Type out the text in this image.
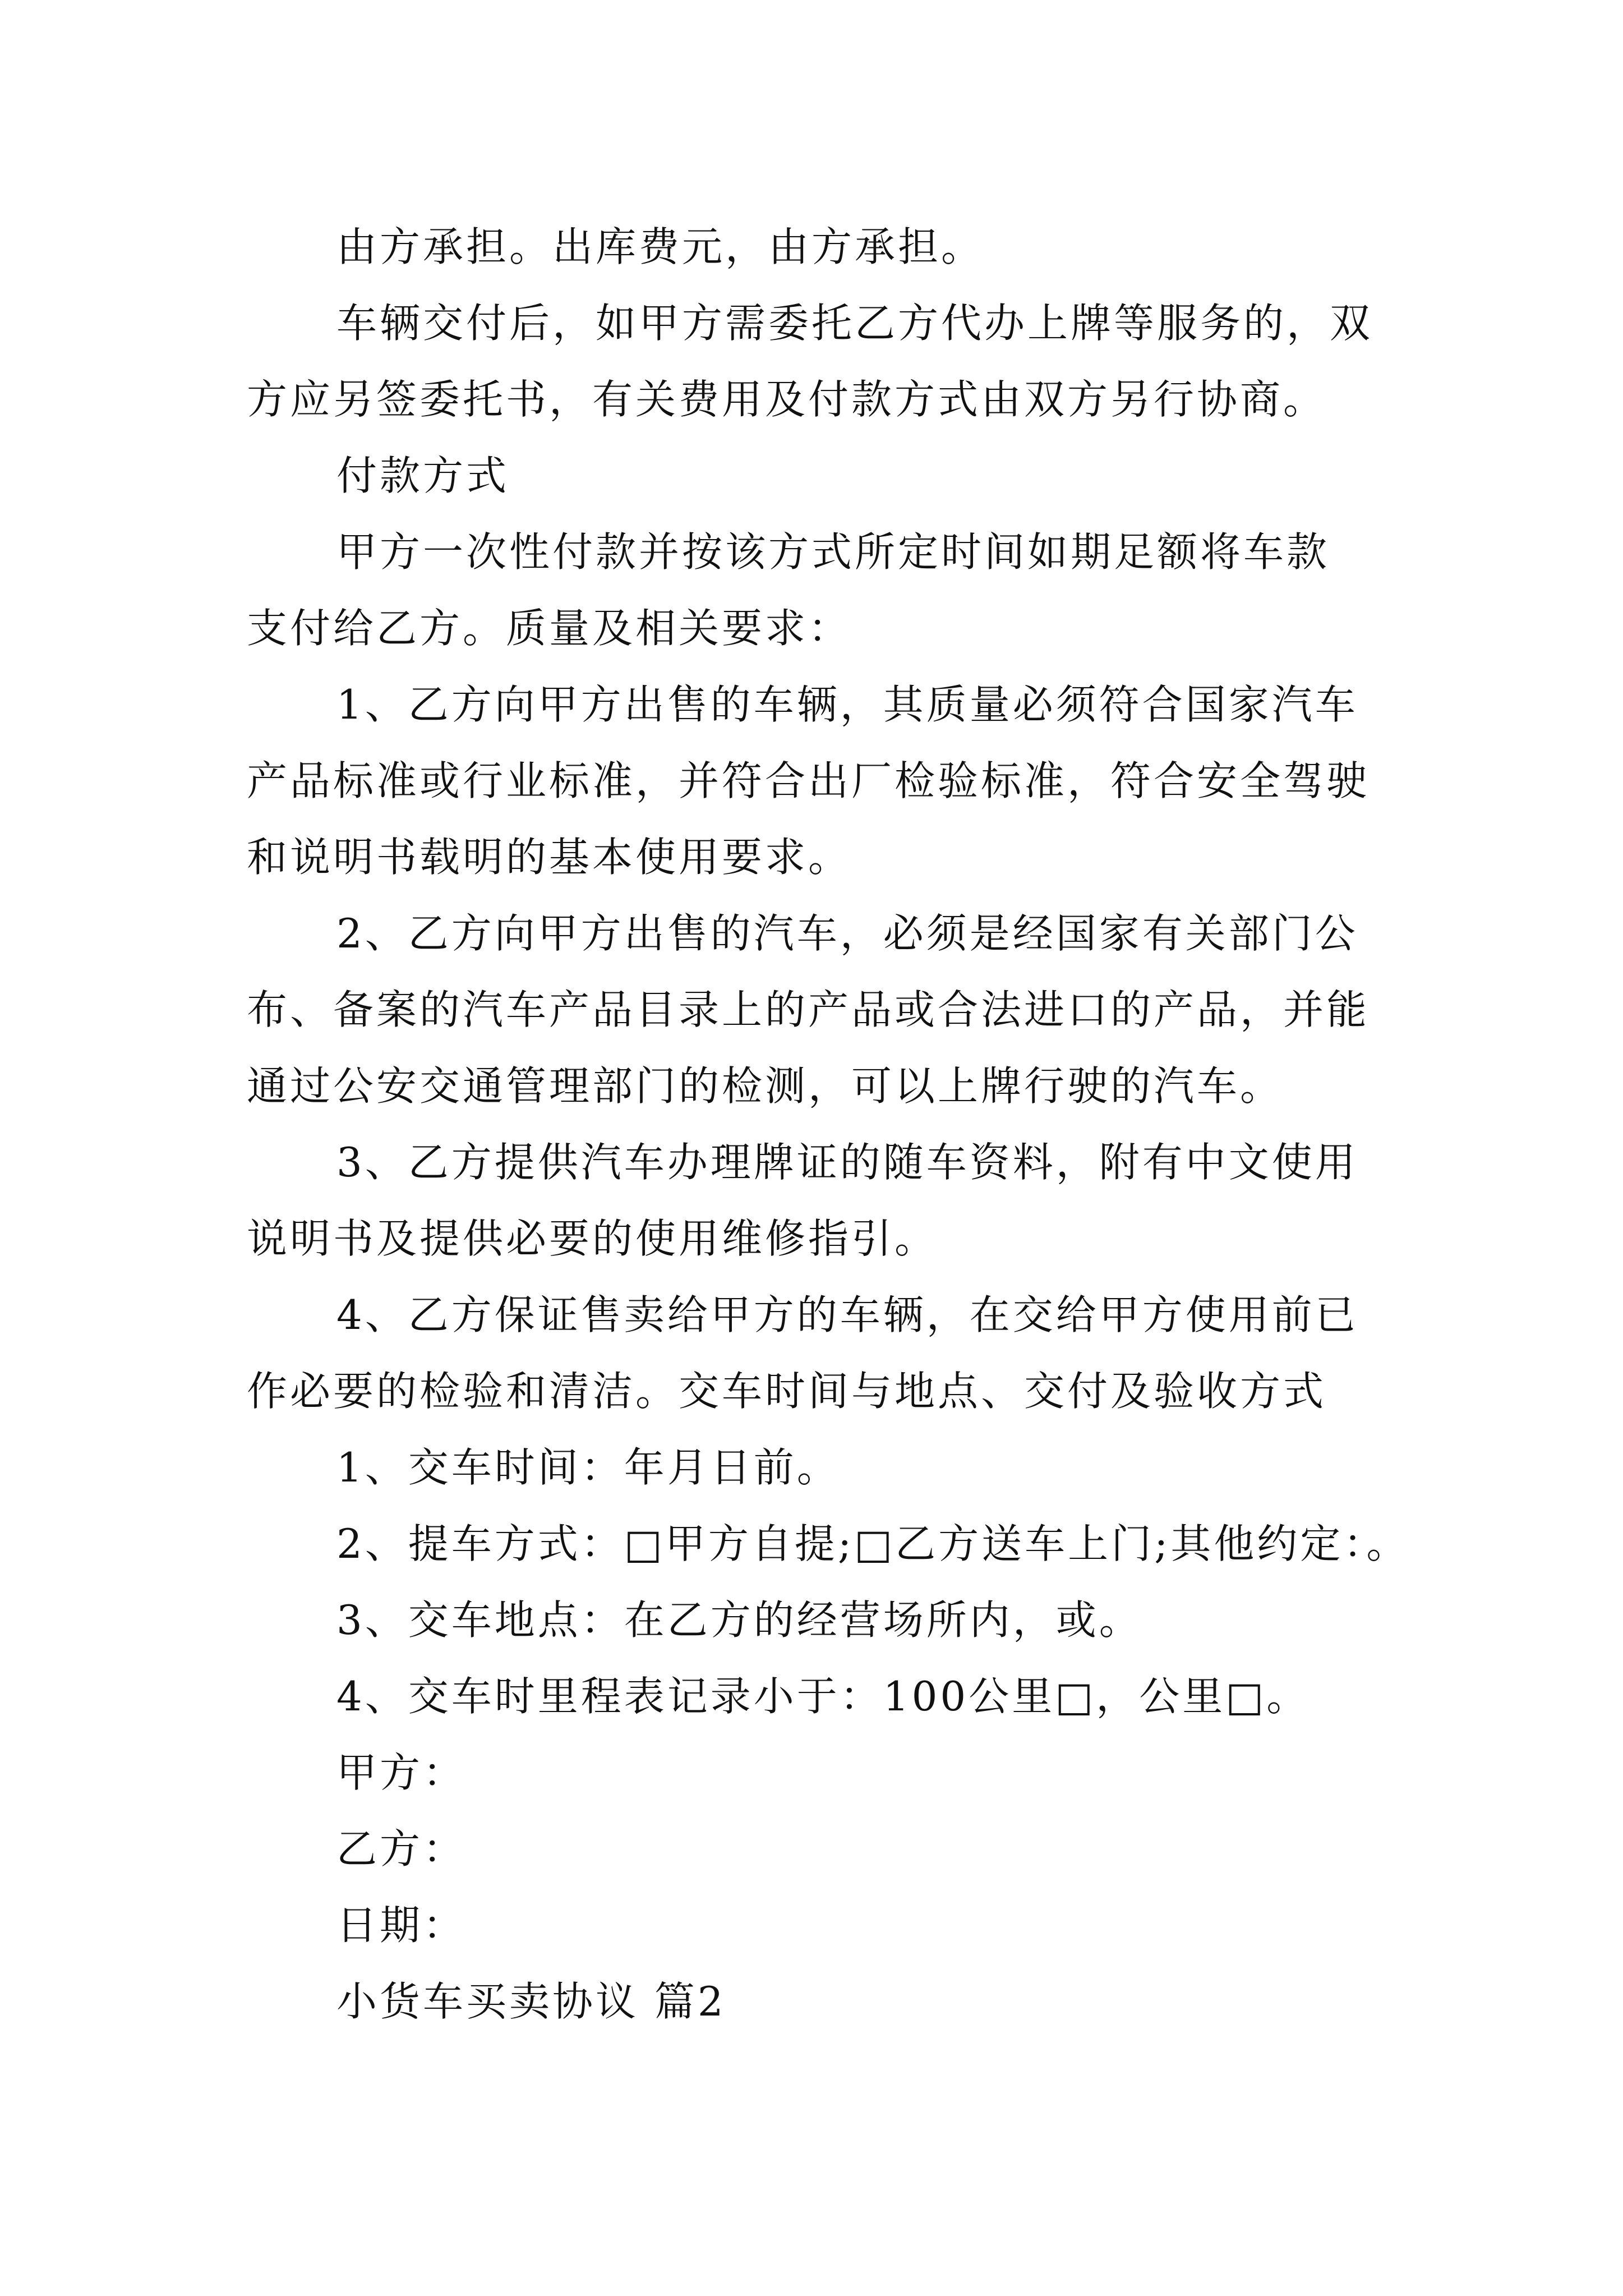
由方承担。出库费元，由方承担。
车辆交付后，如甲方需委托乙方代办上牌等服务的，双
方应另签委托书，有关费用及付款方式由双方另行协商。
付款方式
甲方一次性付款并按该方式所定时间如期足额将车款
支付给乙方。质量及相关要求：
1、乙方向甲方出售的车辆，其质量必须符合国家汽车
产品标准或行业标准，并符合出厂检验标准，符合安全驾驶
和说明书载明的基本使用要求。
2、乙方向甲方出售的汽车，必须是经国家有关部门公
布、备案的汽车产品目录上的产品或合法进口的产品，并能
通过公安交通管理部门的检测，可以上牌行驶的汽车。
3、乙方提供汽车办理牌证的随车资料，附有中文使用
说明书及提供必要的使用维修指引。
4、乙方保证售卖给甲方的车辆，在交给甲方使用前已
作必要的检验和清洁。交车时间与地点、交付及验收方式
1、交车时间：年月日前。
2、提车方式：□甲方自提;□乙方送车上门;其他约定：。
3、交车地点：在乙方的经营场所内，或。
4、交车时里程表记录小于：100公里□，公里□。
甲方：
乙方：
日期：
小货车买卖协议 篇2
